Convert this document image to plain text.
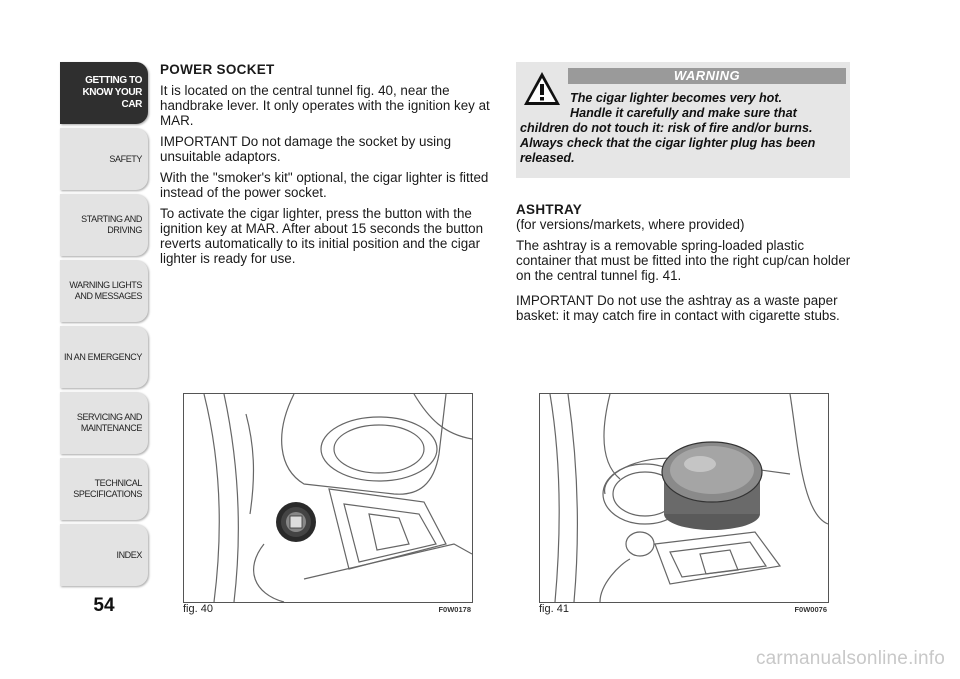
GETTING TO
KNOW YOUR CAR
SAFETY
STARTING AND
DRIVING
WARNING LIGHTS
AND MESSAGES
IN AN EMERGENCY
SERVICING AND
MAINTENANCE
TECHNICAL
SPECIFICATIONS
INDEX
54

POWER SOCKET

It is located on the central tunnel fig. 40, near the handbrake lever. It only operates with the ignition key at MAR.

IMPORTANT Do not damage the socket by using unsuitable adaptors.

With the "smoker's kit" optional, the cigar lighter is fitted instead of the power socket.

To activate the cigar lighter, press the button with the ignition key at MAR. After about 15 seconds the button reverts automatically to its initial position and the cigar lighter is ready for use.

WARNING
The cigar lighter becomes very hot.
Handle it carefully and make sure that
children do not touch it: risk of fire and/or burns. Always check that the cigar lighter plug has been released.

ASHTRAY

(for versions/markets, where provided)

The ashtray is a removable spring-loaded plastic container that must be fitted into the right cup/can holder on the central tunnel fig. 41.

IMPORTANT Do not use the ashtray as a waste paper basket: it may catch fire in contact with cigarette stubs.

fig. 40	F0W0178	fig. 41	F0W0076
carmanualsonline.info
